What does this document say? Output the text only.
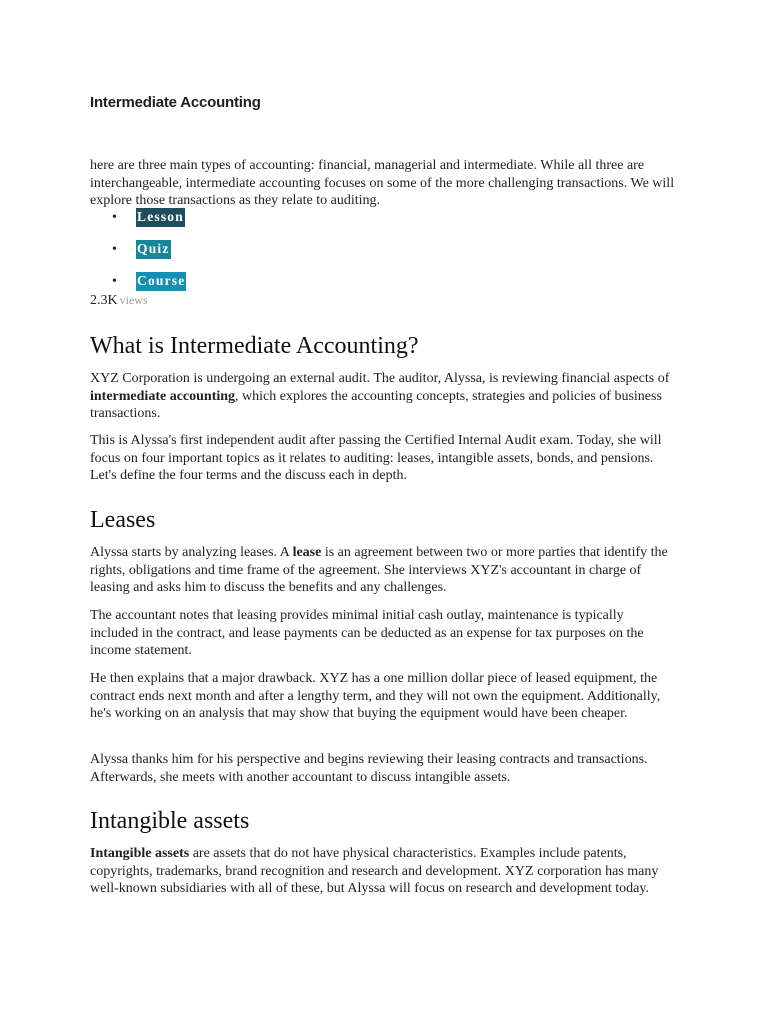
Intermediate Accounting

here are three main types of accounting: financial, managerial and intermediate. While all three are interchangeable, intermediate accounting focuses on some of the more challenging transactions. We will explore those transactions as they relate to auditing.

• Lesson
• Quiz
• Course
2.3K views
What is Intermediate Accounting?

XYZ Corporation is undergoing an external audit. The auditor, Alyssa, is reviewing financial aspects of intermediate accounting, which explores the accounting concepts, strategies and policies of business transactions.

This is Alyssa's first independent audit after passing the Certified Internal Audit exam. Today, she will focus on four important topics as it relates to auditing: leases, intangible assets, bonds, and pensions. Let's define the four terms and the discuss each in depth.

Leases

Alyssa starts by analyzing leases. A lease is an agreement between two or more parties that identify the rights, obligations and time frame of the agreement. She interviews XYZ's accountant in charge of leasing and asks him to discuss the benefits and any challenges.

The accountant notes that leasing provides minimal initial cash outlay, maintenance is typically included in the contract, and lease payments can be deducted as an expense for tax purposes on the income statement.

He then explains that a major drawback. XYZ has a one million dollar piece of leased equipment, the contract ends next month and after a lengthy term, and they will not own the equipment. Additionally, he's working on an analysis that may show that buying the equipment would have been cheaper.

Alyssa thanks him for his perspective and begins reviewing their leasing contracts and transactions. Afterwards, she meets with another accountant to discuss intangible assets.

Intangible assets

Intangible assets are assets that do not have physical characteristics. Examples include patents, copyrights, trademarks, brand recognition and research and development. XYZ corporation has many well-known subsidiaries with all of these, but Alyssa will focus on research and development today.
